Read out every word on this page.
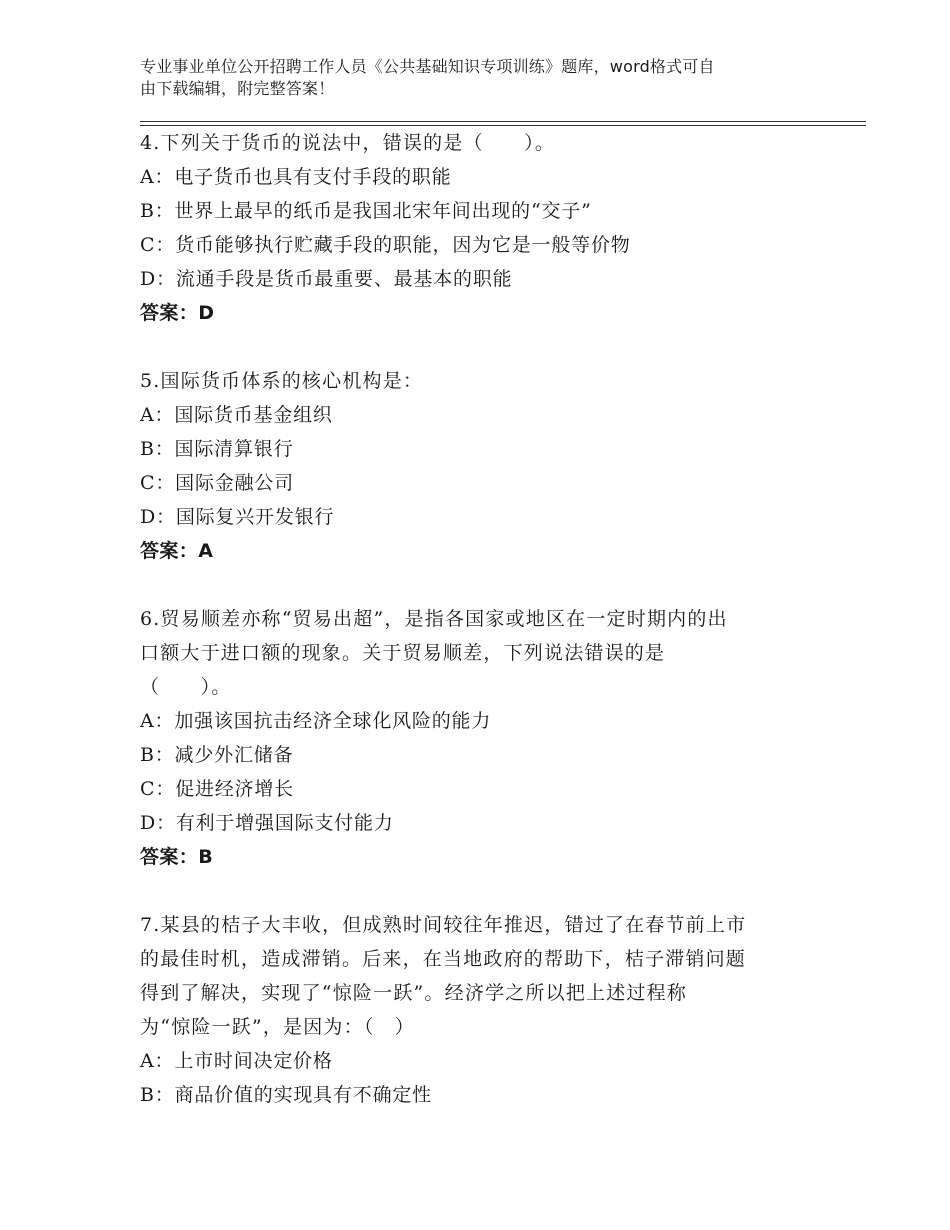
专业事业单位公开招聘工作人员《公共基础知识专项训练》题库，word格式可自
由下载编辑，附完整答案！
4.下列关于货币的说法中，错误的是（　　）。
A：电子货币也具有支付手段的职能
B：世界上最早的纸币是我国北宋年间出现的“交子”
C：货币能够执行贮藏手段的职能，因为它是一般等价物
D：流通手段是货币最重要、最基本的职能
答案：D
5.国际货币体系的核心机构是：
A：国际货币基金组织
B：国际清算银行
C：国际金融公司
D：国际复兴开发银行
答案：A
6.贸易顺差亦称“贸易出超”，是指各国家或地区在一定时期内的出
口额大于进口额的现象。关于贸易顺差，下列说法错误的是
（　　）。
A：加强该国抗击经济全球化风险的能力
B：减少外汇储备
C：促进经济增长
D：有利于增强国际支付能力
答案：B
7.某县的桔子大丰收，但成熟时间较往年推迟，错过了在春节前上市
的最佳时机，造成滞销。后来，在当地政府的帮助下，桔子滞销问题
得到了解决，实现了“惊险一跃”。经济学之所以把上述过程称
为“惊险一跃”，是因为：（　）
A：上市时间决定价格
B：商品价值的实现具有不确定性
